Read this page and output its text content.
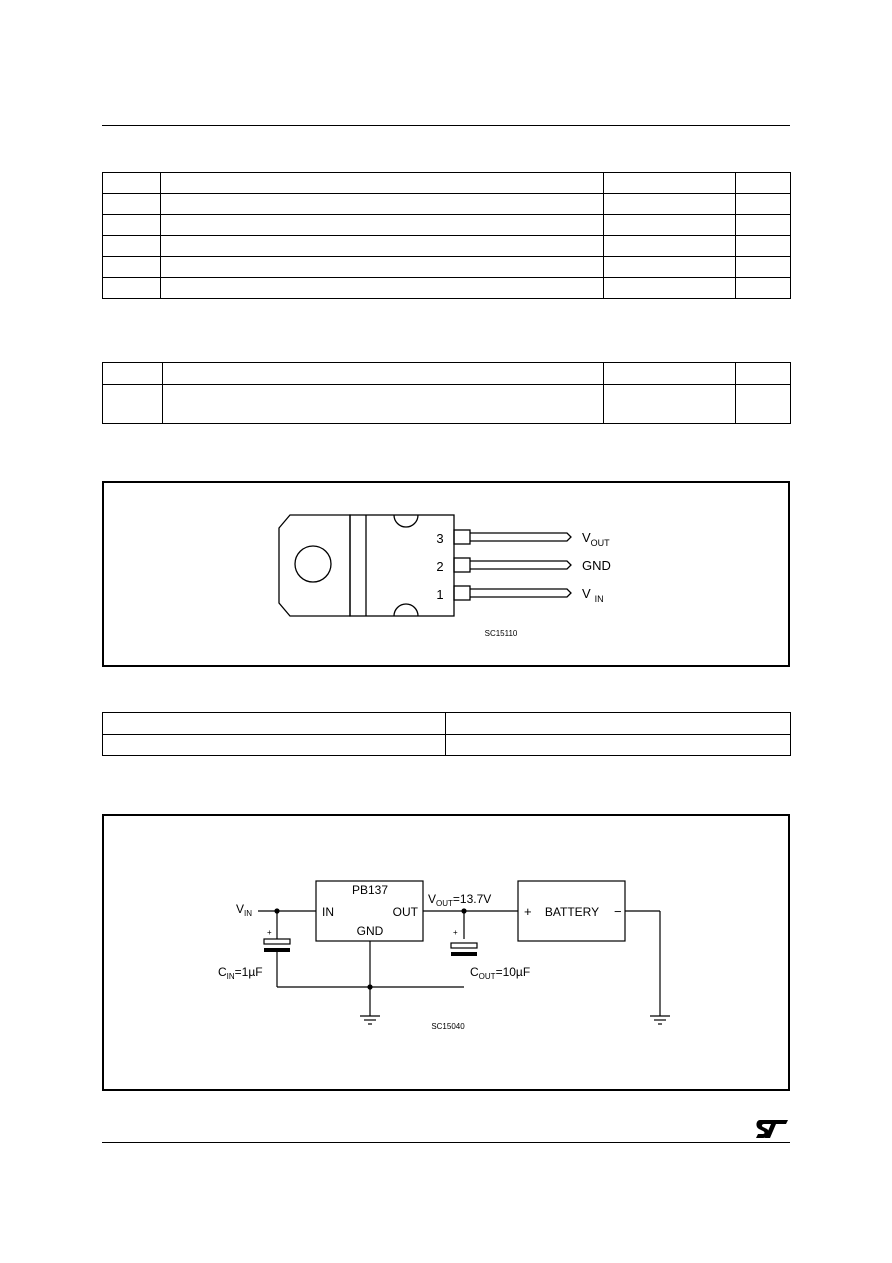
3
2
1
$V_{OUT}$
GND
V $_{IN}$
SC15110

$V_{IN}$
+
$C_{IN}=1\mu F$
PB137
IN	OUT
GND
$V_{OUT}=13.7V$
+
$C_{OUT}=10\mu F$
+ BATTERY −
SC15040
ST
